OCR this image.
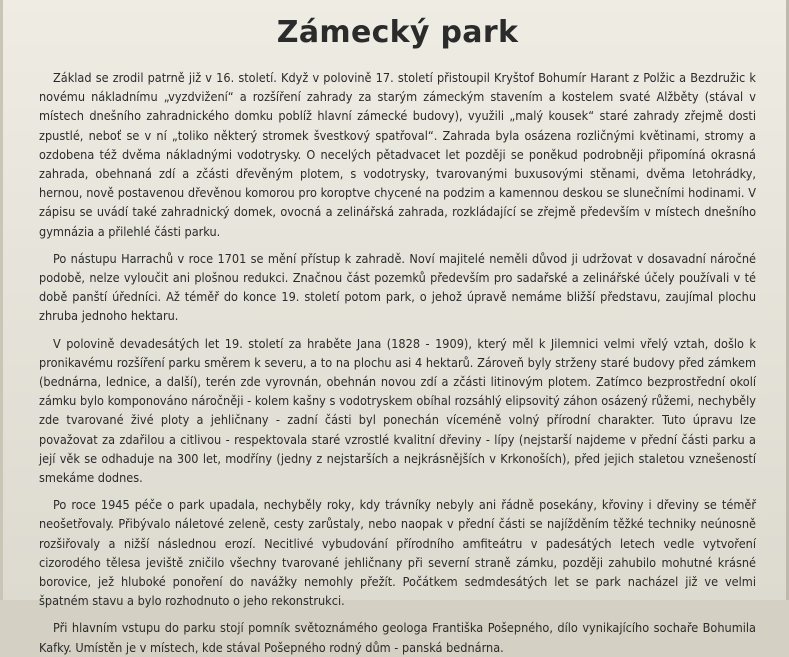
Zámecký park

Základ se zrodil patrně již v 16. století. Když v polovině 17. století přistoupil Kryštof Bohumír Harant z Polžic a Bezdružic k novému nákladnímu „vyzdvižení“ a rozšíření zahrady za starým zámeckým stavením a kostelem svaté Alžběty (stával v místech dnešního zahradnického domku poblíž hlavní zámecké budovy), využili „malý kousek“ staré zahrady zřejmě dosti zpustlé, neboť se v ní „toliko některý stromek švestkový spatřoval“. Zahrada byla osázena rozličnými květinami, stromy a ozdobena též dvěma nákladnými vodotrysky. O necelých pětadvacet let později se poněkud podrobněji připomíná okrasná zahrada, obehnaná zdí a zčásti dřevěným plotem, s vodotrysky, tvarovanými buxusovými stěnami, dvěma letohrádky, hernou, nově postavenou dřevěnou komorou pro koroptve chycené na podzim a kamennou deskou se slunečními hodinami. V zápisu se uvádí také zahradnický domek, ovocná a zelinářská zahrada, rozkládající se zřejmě především v místech dnešního gymnázia a přilehlé části parku.

Po nástupu Harrachů v roce 1701 se mění přístup k zahradě. Noví majitelé neměli důvod ji udržovat v dosavadní náročné podobě, nelze vyloučit ani plošnou redukci. Značnou část pozemků především pro sadařské a zelinářské účely používali v té době panští úředníci. Až téměř do konce 19. století potom park, o jehož úpravě nemáme bližší představu, zaujímal plochu zhruba jednoho hektaru.

V polovině devadesátých let 19. století za hraběte Jana (1828 - 1909), který měl k Jilemnici velmi vřelý vztah, došlo k pronikavému rozšíření parku směrem k severu, a to na plochu asi 4 hektarů. Zároveň byly strženy staré budovy před zámkem (bednárna, lednice, a další), terén zde vyrovnán, obehnán novou zdí a zčásti litinovým plotem. Zatímco bezprostřední okolí zámku bylo komponováno náročněji - kolem kašny s vodotryskem obíhal rozsáhlý elipsovitý záhon osázený růžemi, nechyběly zde tvarované živé ploty a jehličnany - zadní části byl ponechán víceméně volný přírodní charakter. Tuto úpravu lze považovat za zdařilou a citlivou - respektovala staré vzrostlé kvalitní dřeviny - lípy (nejstarší najdeme v přední části parku a její věk se odhaduje na 300 let, modříny (jedny z nejstarších a nejkrásnějších v Krkonoších), před jejich staletou vznešeností smekáme dodnes.

Po roce 1945 péče o park upadala, nechyběly roky, kdy trávníky nebyly ani řádně posekány, křoviny i dřeviny se téměř neošetřovaly. Přibývalo náletové zeleně, cesty zarůstaly, nebo naopak v přední části se najížděním těžké techniky neúnosně rozšiřovaly a nižší následnou erozí. Necitlivé vybudování přírodního amfiteátru v padesátých letech vedle vytvoření cizorodého tělesa jeviště zničilo všechny tvarované jehličnany při severní straně zámku, později zahubilo mohutné krásné borovice, jež hluboké ponoření do navážky nemohly přežít. Počátkem sedmdesátých let se park nacházel již ve velmi špatném stavu a bylo rozhodnuto o jeho rekonstrukci.

Při hlavním vstupu do parku stojí pomník světoznámého geologa Františka Pošepného, dílo vynikajícího sochaře Bohumila Kafky. Umístěn je v místech, kde stával Pošepného rodný dům - panská bednárna.
